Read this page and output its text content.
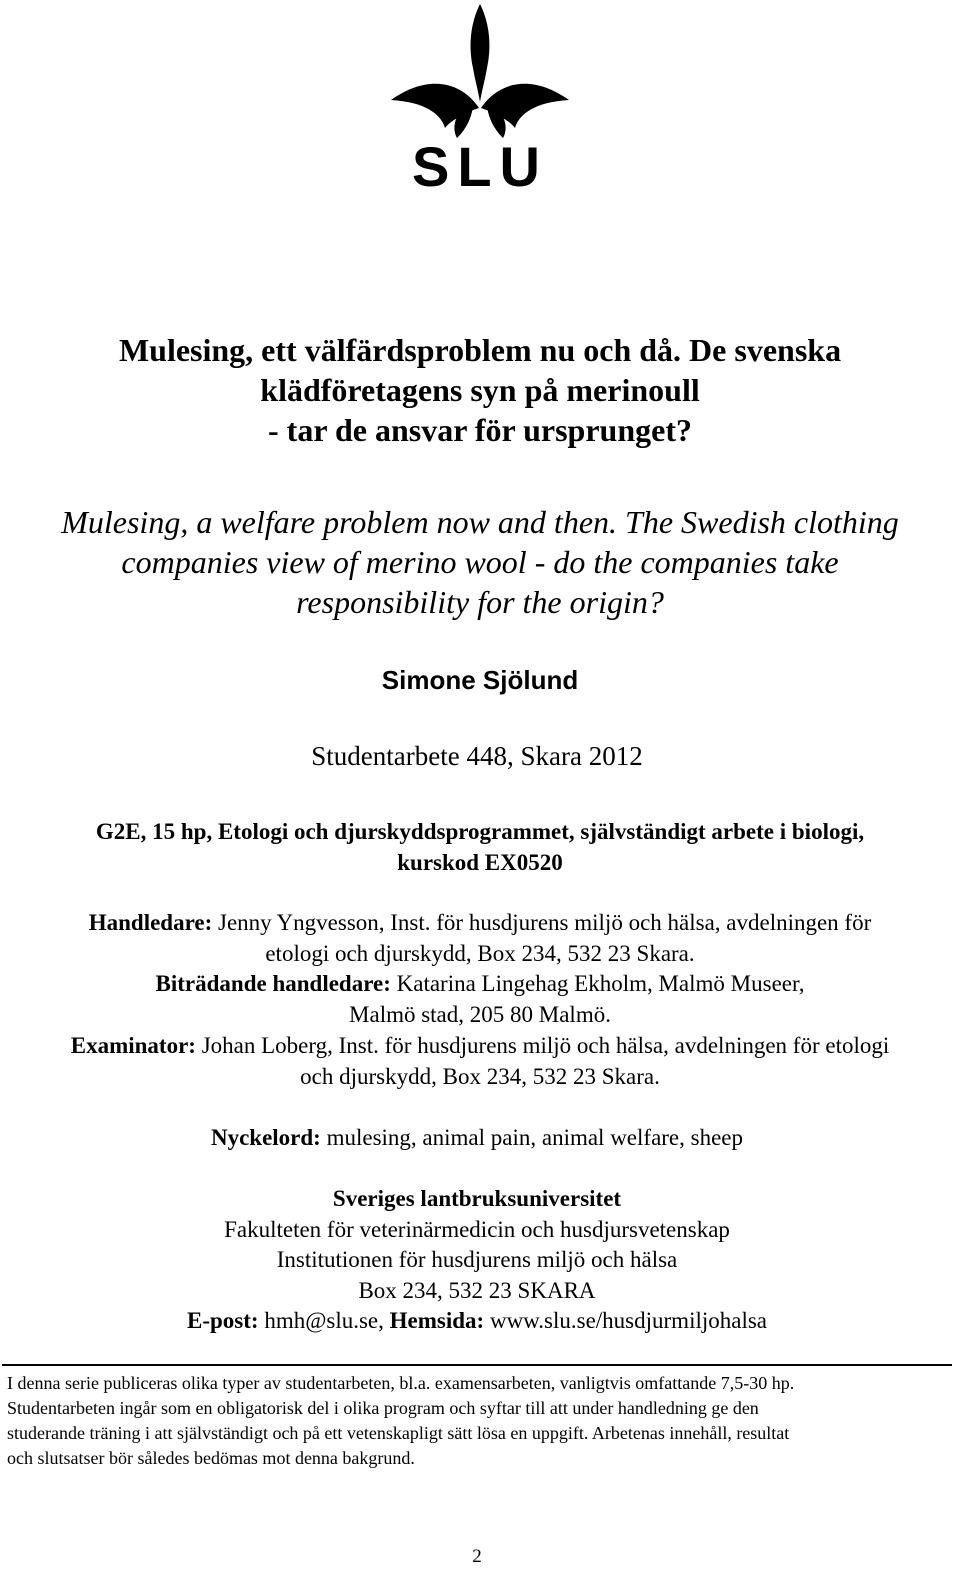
SLU
Mulesing, ett välfärdsproblem nu och då. De svenska
klädföretagens syn på merinoull
- tar de ansvar för ursprunget?
Mulesing, a welfare problem now and then. The Swedish clothing
companies view of merino wool - do the companies take
responsibility for the origin?
Simone Sjölund
Studentarbete 448, Skara 2012
G2E, 15 hp, Etologi och djurskyddsprogrammet, självständigt arbete i biologi,
kurskod EX0520
Handledare: Jenny Yngvesson, Inst. för husdjurens miljö och hälsa, avdelningen för
etologi och djurskydd, Box 234, 532 23 Skara.
Biträdande handledare: Katarina Lingehag Ekholm, Malmö Museer,
Malmö stad, 205 80 Malmö.
Examinator: Johan Loberg, Inst. för husdjurens miljö och hälsa, avdelningen för etologi
och djurskydd, Box 234, 532 23 Skara.
Nyckelord: mulesing, animal pain, animal welfare, sheep
Sveriges lantbruksuniversitet
Fakulteten för veterinärmedicin och husdjursvetenskap
Institutionen för husdjurens miljö och hälsa
Box 234, 532 23 SKARA
E-post: hmh@slu.se, Hemsida: www.slu.se/husdjurmiljohalsa
I denna serie publiceras olika typer av studentarbeten, bl.a. examensarbeten, vanligtvis omfattande 7,5-30 hp.
Studentarbeten ingår som en obligatorisk del i olika program och syftar till att under handledning ge den
studerande träning i att självständigt och på ett vetenskapligt sätt lösa en uppgift. Arbetenas innehåll, resultat
och slutsatser bör således bedömas mot denna bakgrund.
2
